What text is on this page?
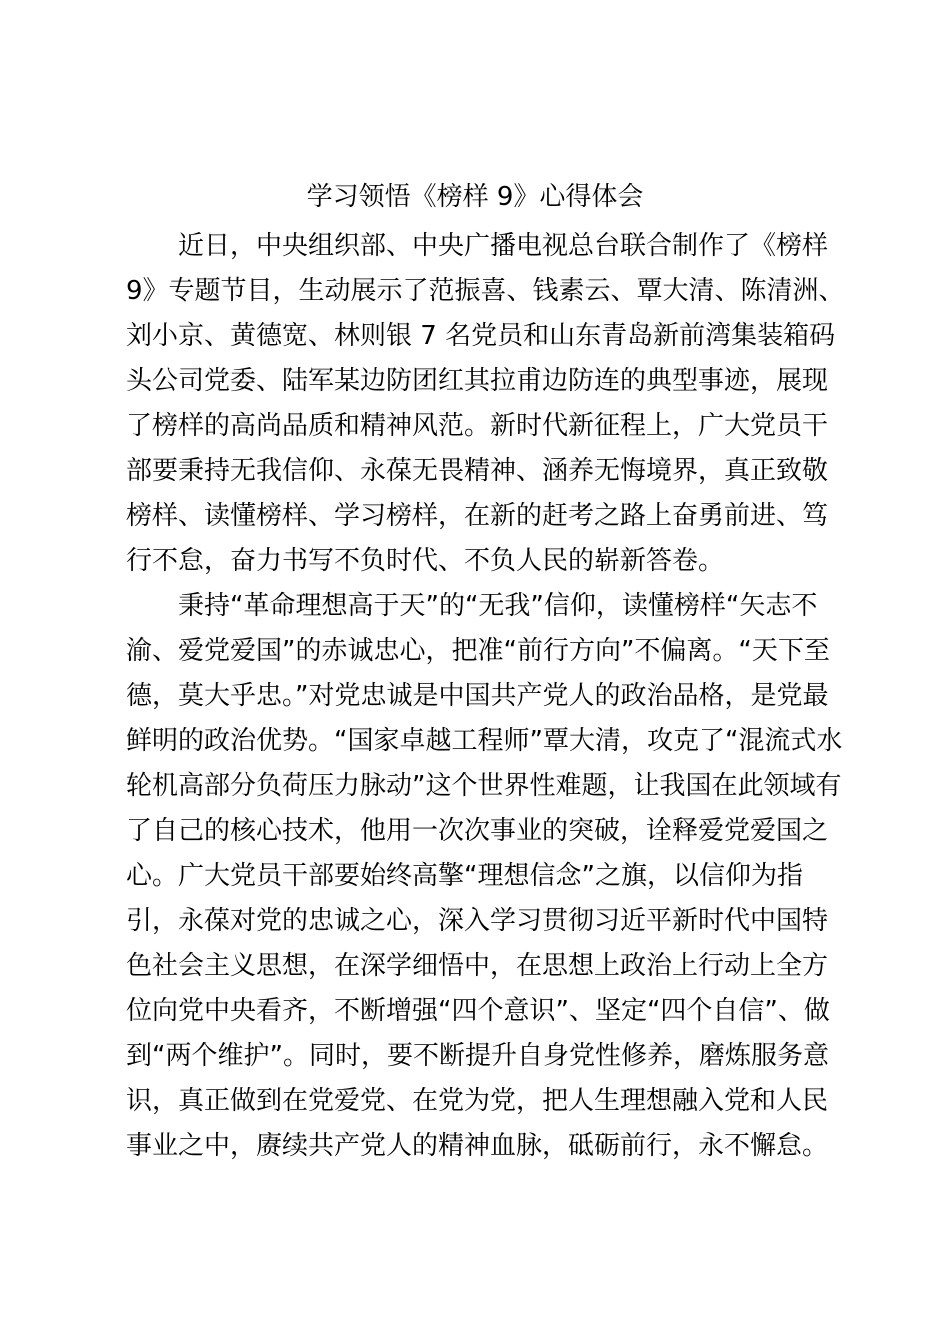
学习领悟《榜样 9》心得体会
近日，中央组织部、中央广播电视总台联合制作了《榜样
9》专题节目，生动展示了范振喜、钱素云、覃大清、陈清洲、
刘小京、黄德宽、林则银 7 名党员和山东青岛新前湾集装箱码
头公司党委、陆军某边防团红其拉甫边防连的典型事迹，展现
了榜样的高尚品质和精神风范。新时代新征程上，广大党员干
部要秉持无我信仰、永葆无畏精神、涵养无悔境界，真正致敬
榜样、读懂榜样、学习榜样，在新的赶考之路上奋勇前进、笃
行不怠，奋力书写不负时代、不负人民的崭新答卷。
秉持“革命理想高于天”的“无我”信仰，读懂榜样“矢志不
渝、爱党爱国”的赤诚忠心，把准“前行方向”不偏离。“天下至
德，莫大乎忠。”对党忠诚是中国共产党人的政治品格，是党最
鲜明的政治优势。“国家卓越工程师”覃大清，攻克了“混流式水
轮机高部分负荷压力脉动”这个世界性难题，让我国在此领域有
了自己的核心技术，他用一次次事业的突破，诠释爱党爱国之
心。广大党员干部要始终高擎“理想信念”之旗，以信仰为指
引，永葆对党的忠诚之心，深入学习贯彻习近平新时代中国特
色社会主义思想，在深学细悟中，在思想上政治上行动上全方
位向党中央看齐，不断增强“四个意识”、坚定“四个自信”、做
到“两个维护”。同时，要不断提升自身党性修养，磨炼服务意
识，真正做到在党爱党、在党为党，把人生理想融入党和人民
事业之中，赓续共产党人的精神血脉，砥砺前行，永不懈怠。
